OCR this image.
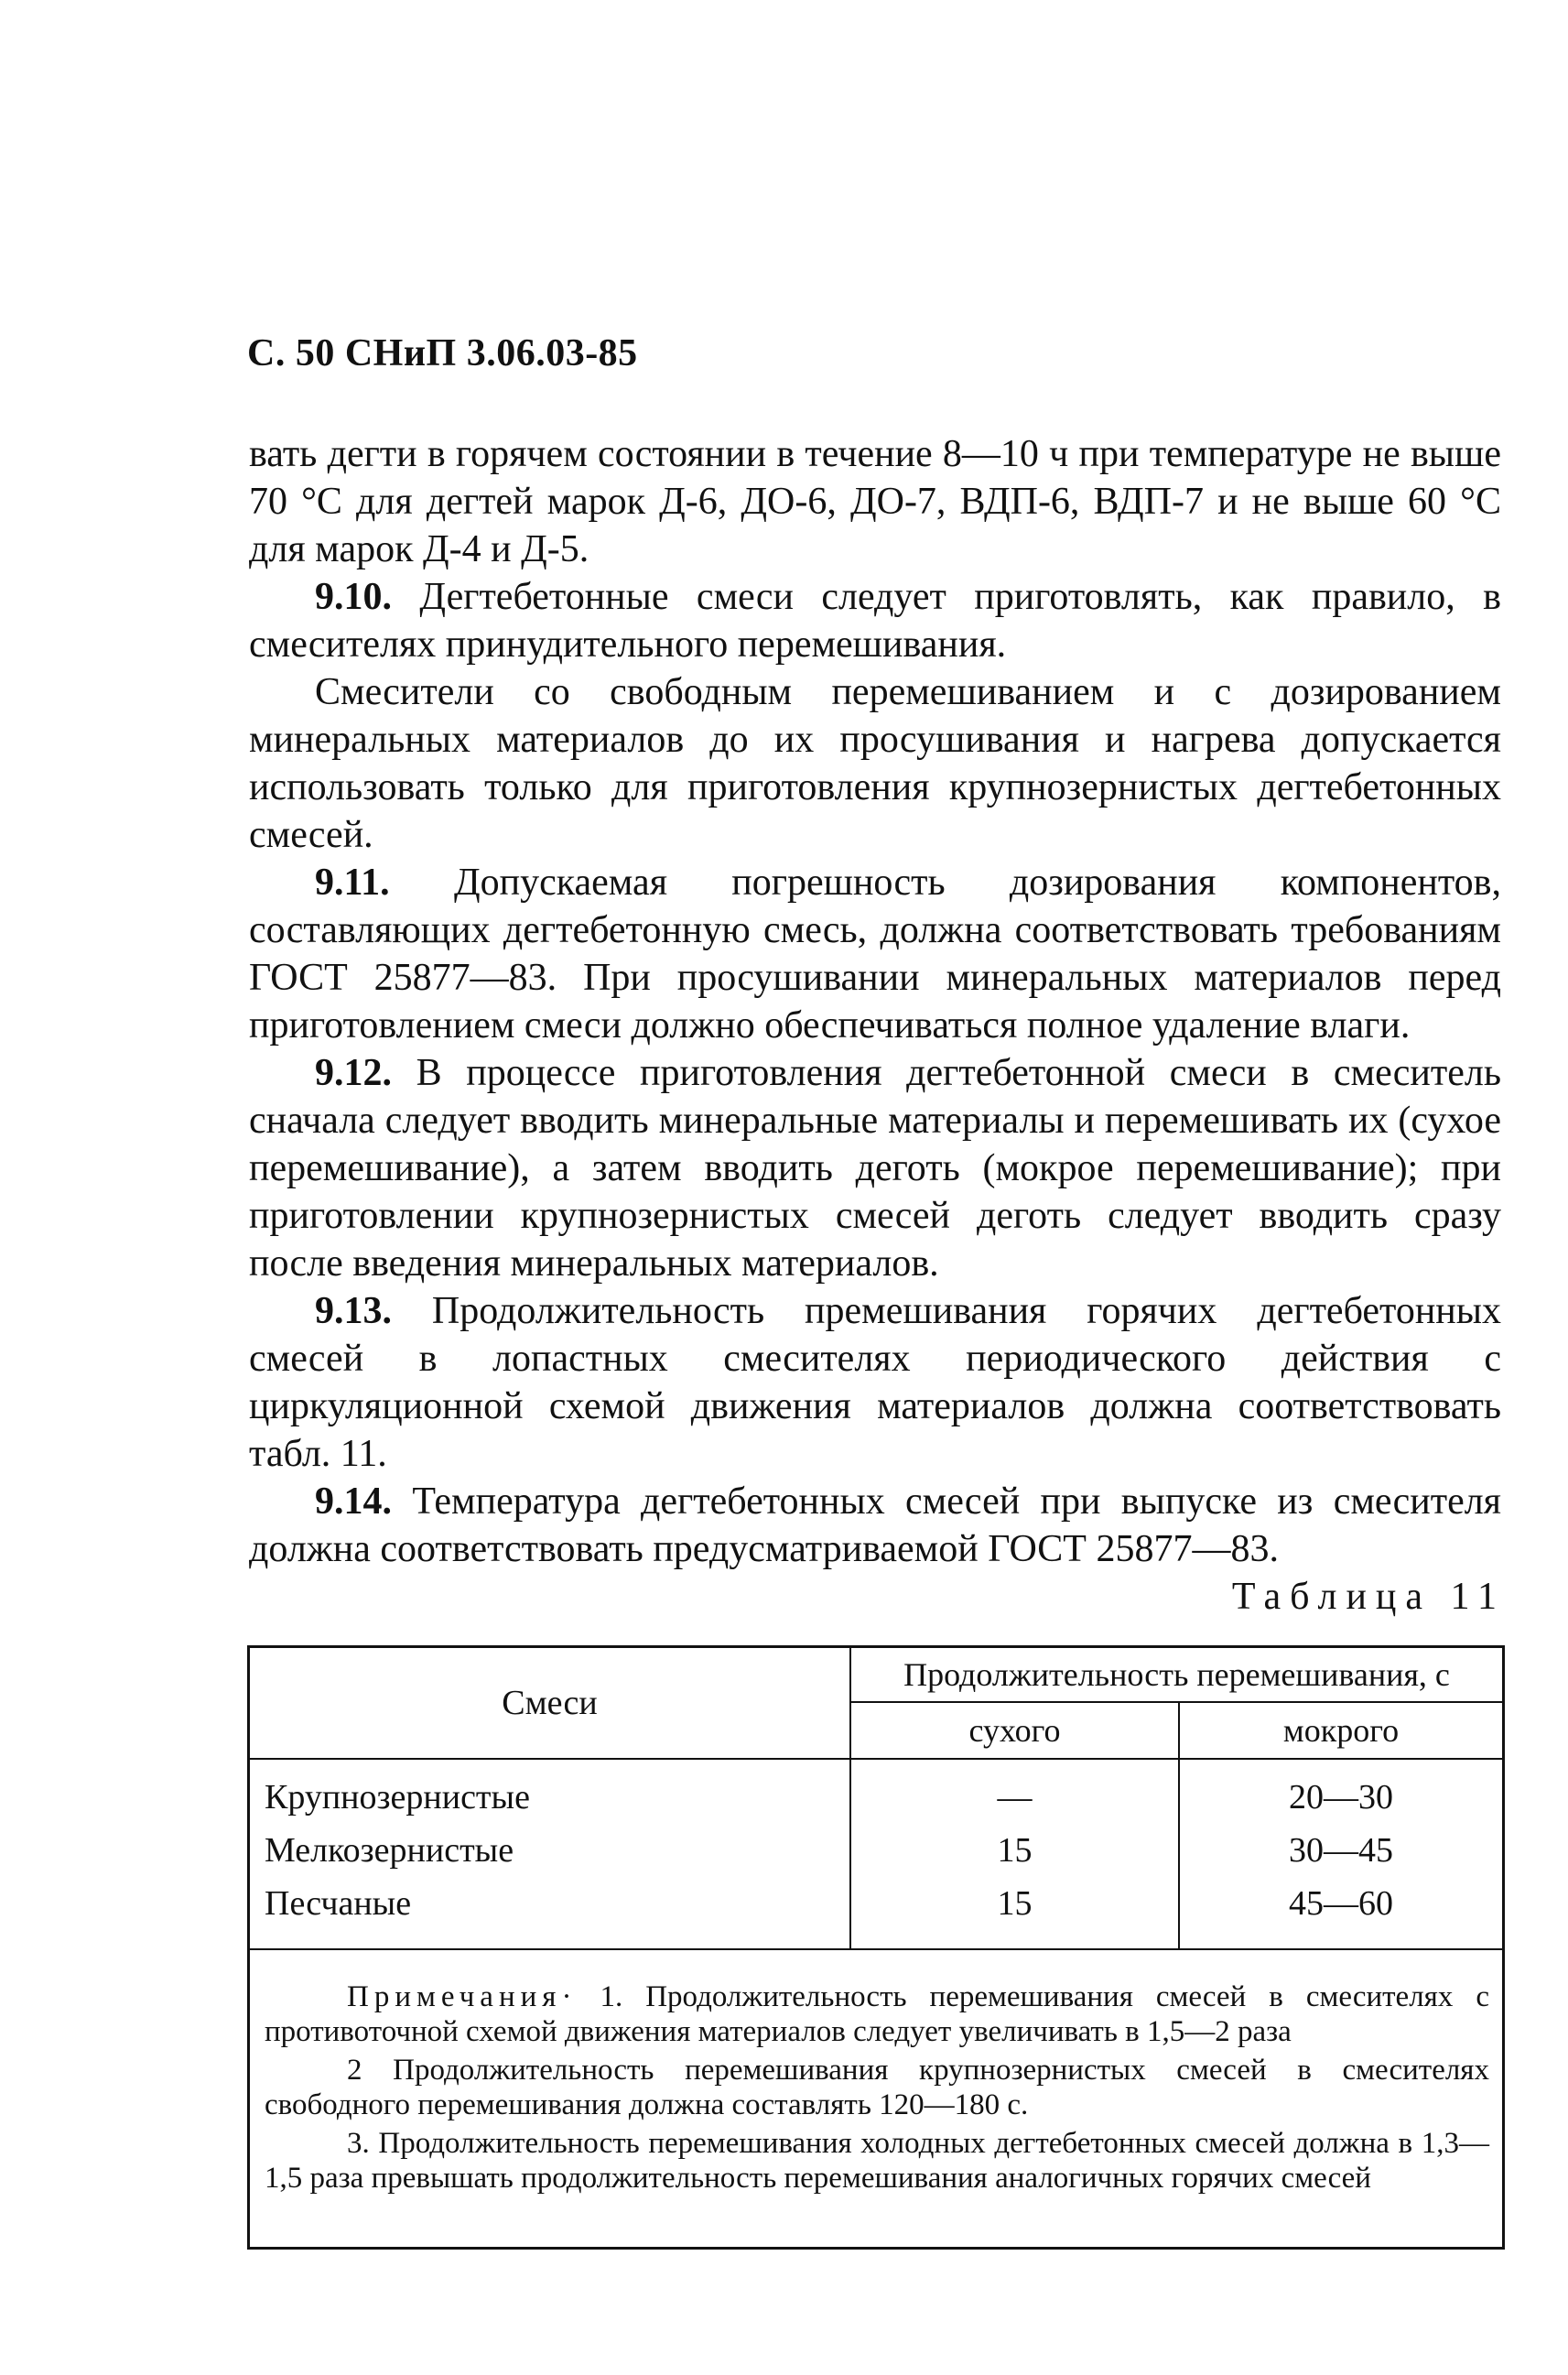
С. 50 СНиП 3.06.03-85

вать дегти в горячем состоянии в течение 8—10 ч при температуре не выше 70 °С для дегтей марок Д-6, ДО-6, ДО-7, ВДП-6, ВДП-7 и не выше 60 °С для марок Д-4 и Д-5.

9.10. Дегтебетонные смеси следует приготовлять, как правило, в смесителях принудительного перемешивания.

Смесители со свободным перемешиванием и с дозированием минеральных материалов до их просушивания и нагрева допускается использовать только для приготовления крупнозернистых дегтебетонных смесей.

9.11. Допускаемая погрешность дозирования компонентов, составляющих дегтебетонную смесь, должна соответствовать требованиям ГОСТ 25877—83. При просушивании минеральных материалов перед приготовлением смеси должно обеспечиваться полное удаление влаги.

9.12. В процессе приготовления дегтебетонной смеси в смеситель сначала следует вводить минеральные материалы и перемешивать их (сухое перемешивание), а затем вводить деготь (мокрое перемешивание); при приготовлении крупнозернистых смесей деготь следует вводить сразу после введения минеральных материалов.

9.13. Продолжительность премешивания горячих дегтебетонных смесей в лопастных смесителях периодического действия с циркуляционной схемой движения материалов должна соответствовать табл. 11.

9.14. Температура дегтебетонных смесей при выпуске из смесителя должна соответствовать предусматриваемой ГОСТ 25877—83.

Таблица 11
Смеси	Продолжительность перемешивания, с	
	сухого	мокрого
Крупнозернистые	—	20—30
Мелкозернистые	15	30—45
Песчаные	15	45—60

Примечания· 1. Продолжительность перемешивания смесей в смесителях с противоточной схемой движения материалов следует увеличивать в 1,5—2 раза

2 Продолжительность перемешивания крупнозернистых смесей в смесителях свободного перемешивания должна составлять 120—180 с.

3. Продолжительность перемешивания холодных дегтебетонных смесей должна в 1,3—1,5 раза превышать продолжительность перемешивания аналогичных горячих смесей
